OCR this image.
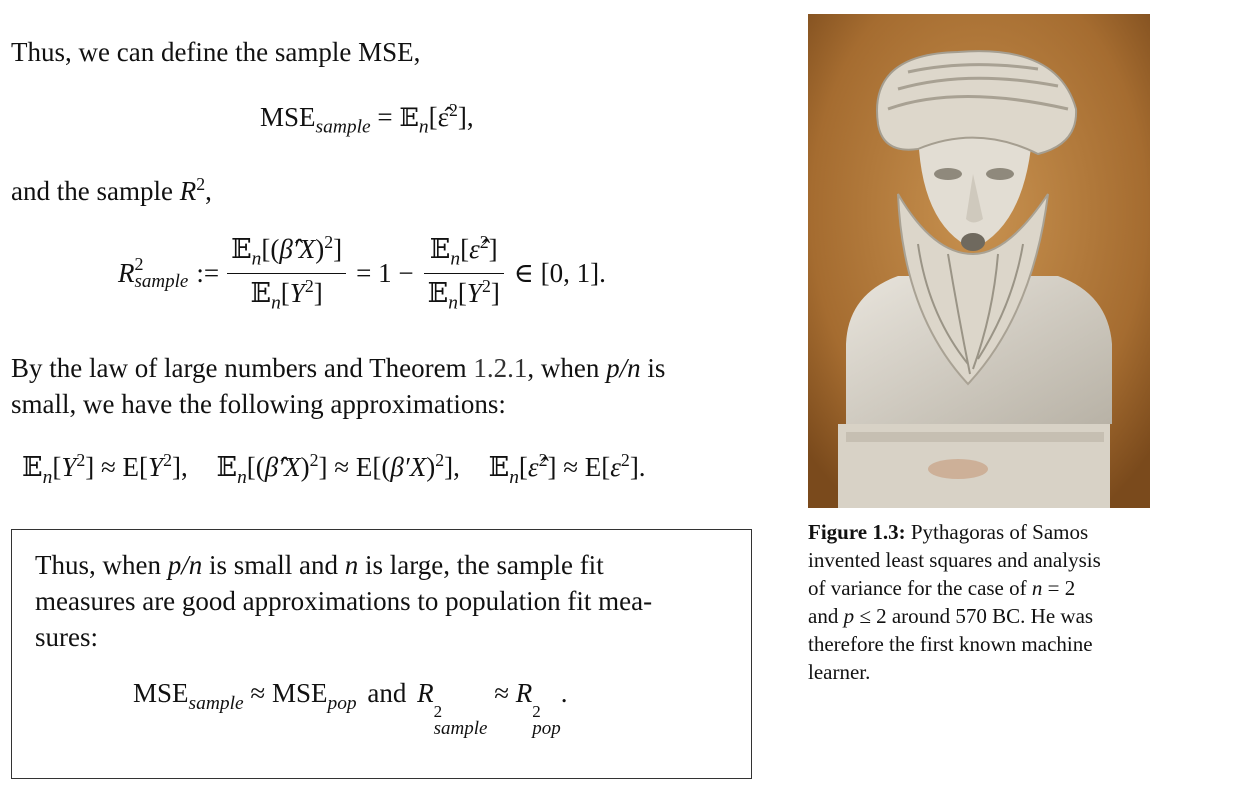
Thus, we can define the sample MSE,
$MSE_{sample}$ = 𝔼$_n$[ε̂$^2$],
and the sample $R^2$,
R 2
sample := $\frac{𝔼_n[(\betâ'X)^2]}{𝔼_n[Y^2]} = 1 - \frac{𝔼_n[\varepsilon̂^2]}{𝔼_n[Y^2]}$ ∈ [0, 1].
By the law of large numbers and Theorem 1.2.1, when p/n is
small, we have the following approximations:
$𝔼_n[Y^2] \approx E[Y^2]$, 𝔼$_n$[(β̂′X)$^2$] ≈ $E[(\beta'X)^2]$, 𝔼$_n$[ε̂$^2$] ≈ $E[\varepsilon^2]$.
Thus, when p/n is small and n is large, the sample fit
measures are good approximations to population fit mea-
sures:
$MSE_{sample} \approx MSE_{pop}$ and R
2
sample
≈ R
2
pop
.
Figure 1.3: Pythagoras of Samos
invented least squares and analysis
of variance for the case of n = 2
and p ≤ 2 around 570 BC. He was
therefore the first known machine
learner.
